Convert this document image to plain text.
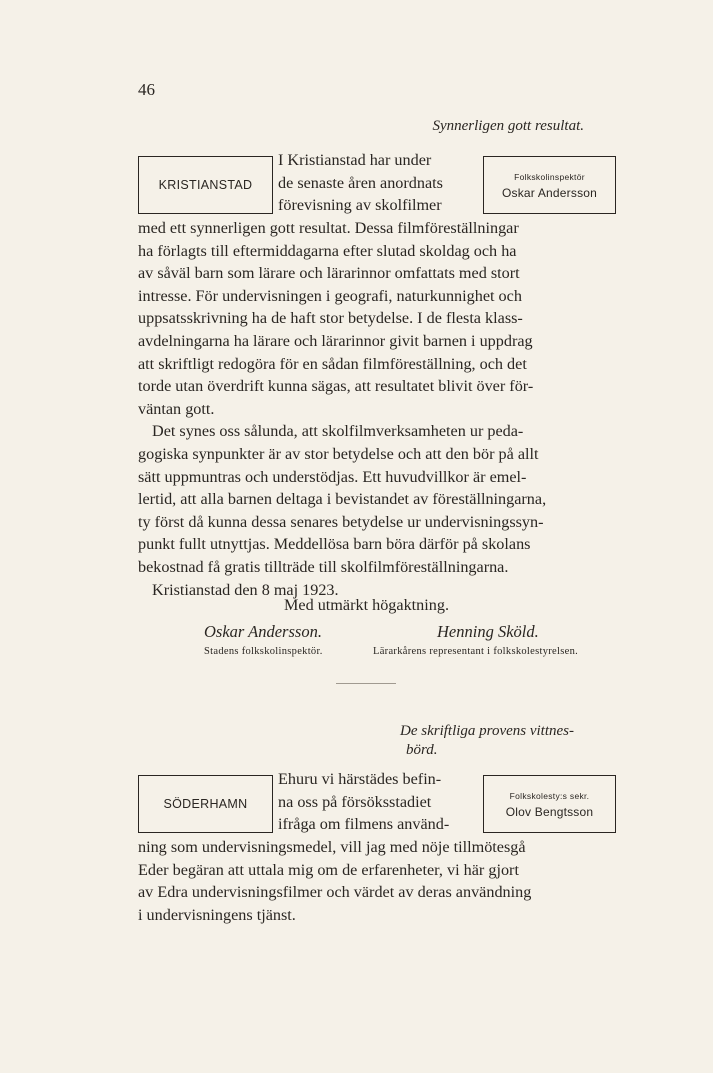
46
Synnerligen gott resultat.
KRISTIANSTAD
Folkskolinspektör
Oskar Andersson

I Kristianstad har under
de senaste åren anordnats
förevisning av skolfilmer

med ett synnerligen gott resultat. Dessa filmföreställningar
ha förlagts till eftermiddagarna efter slutad skoldag och ha
av såväl barn som lärare och lärarinnor omfattats med stort
intresse. För undervisningen i geografi, naturkunnighet och
uppsatsskrivning ha de haft stor betydelse. I de flesta klass-
avdelningarna ha lärare och lärarinnor givit barnen i uppdrag
att skriftligt redogöra för en sådan filmföreställning, och det
torde utan överdrift kunna sägas, att resultatet blivit över för-
väntan gott.
Det synes oss sålunda, att skolfilmverksamheten ur peda-
gogiska synpunkter är av stor betydelse och att den bör på allt
sätt uppmuntras och understödjas. Ett huvudvillkor är emel-
lertid, att alla barnen deltaga i bevistandet av föreställningarna,
ty först då kunna dessa senares betydelse ur undervisningssyn-
punkt fullt utnyttjas. Meddellösa barn böra därför på skolans
bekostnad få gratis tillträde till skolfilmföreställningarna.
Kristianstad den 8 maj 1923.
Med utmärkt högaktning.
Oskar Andersson.	Henning Sköld.
Stadens folkskolinspektör.	Lärarkårens representant i folkskolestyrelsen.
De skriftliga provens vittnes-
börd.
SÖDERHAMN
Folkskolesty:s sekr.
Olov Bengtsson

Ehuru vi härstädes befin-
na oss på försöksstadiet
ifråga om filmens använd-

ning som undervisningsmedel, vill jag med nöje tillmötesgå
Eder begäran att uttala mig om de erfarenheter, vi här gjort
av Edra undervisningsfilmer och värdet av deras användning
i undervisningens tjänst.
